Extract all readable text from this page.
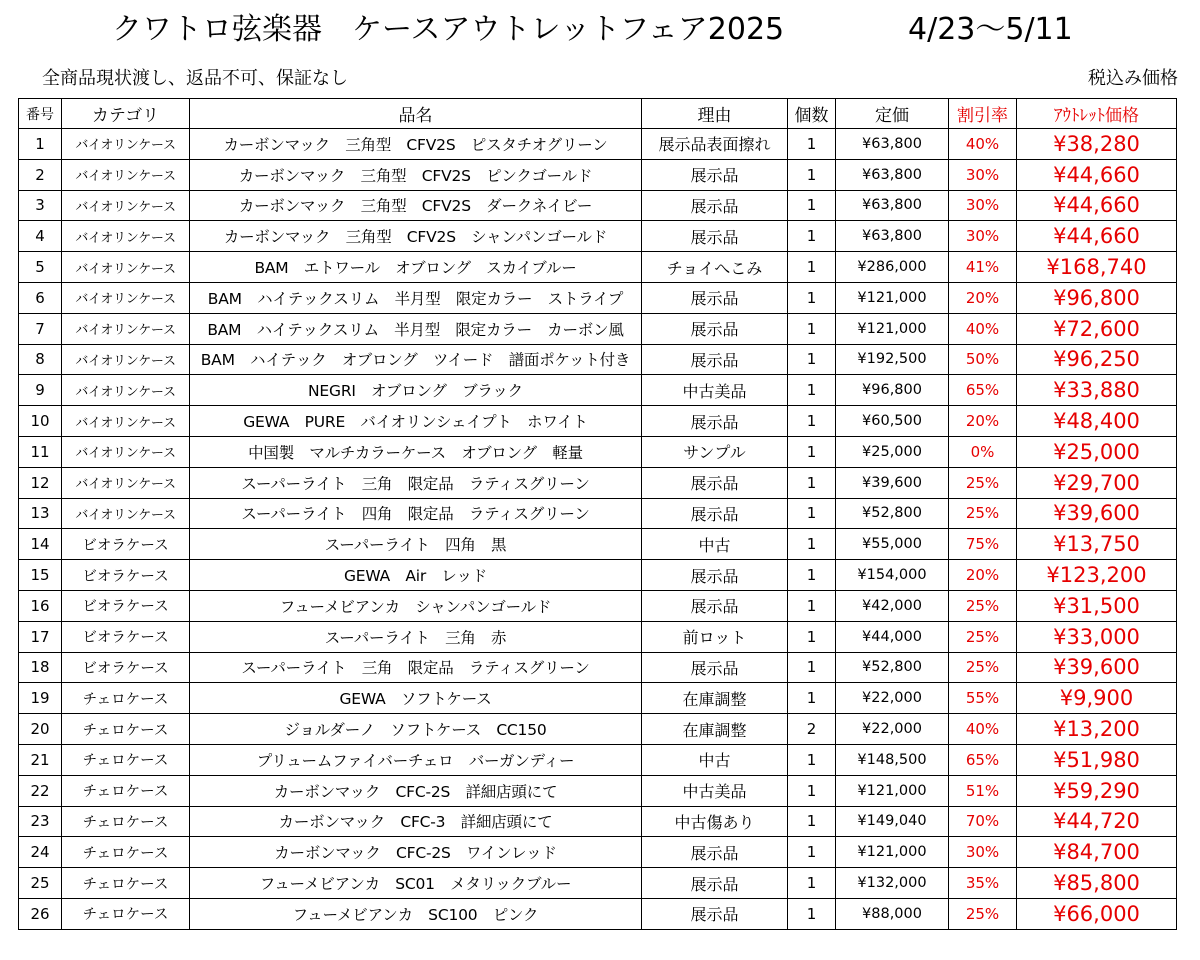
クワトロ弦楽器　ケースアウトレットフェア2025	4/23～5/11
全商品現状渡し、返品不可、保証なし	税込み価格
番号	カテゴリ	品名	理由	個数	定価	割引率	ｱｳﾄﾚｯﾄ価格
1	バイオリンケース	カーボンマック　三角型　CFV2S　ピスタチオグリーン	展示品表面擦れ	1	¥63,800	40%	¥38,280
2	バイオリンケース	カーボンマック　三角型　CFV2S　ピンクゴールド	展示品	1	¥63,800	30%	¥44,660
3	バイオリンケース	カーボンマック　三角型　CFV2S　ダークネイビー	展示品	1	¥63,800	30%	¥44,660
4	バイオリンケース	カーボンマック　三角型　CFV2S　シャンパンゴールド	展示品	1	¥63,800	30%	¥44,660
5	バイオリンケース	BAM　エトワール　オブロング　スカイブルー	チョイへこみ	1	¥286,000	41%	¥168,740
6	バイオリンケース	BAM　ハイテックスリム　半月型　限定カラー　ストライプ	展示品	1	¥121,000	20%	¥96,800
7	バイオリンケース	BAM　ハイテックスリム　半月型　限定カラー　カーボン風	展示品	1	¥121,000	40%	¥72,600
8	バイオリンケース	BAM　ハイテック　オブロング　ツイード　譜面ポケット付き	展示品	1	¥192,500	50%	¥96,250
9	バイオリンケース	NEGRI　オブロング　ブラック	中古美品	1	¥96,800	65%	¥33,880
10	バイオリンケース	GEWA　PURE　バイオリンシェイプト　ホワイト	展示品	1	¥60,500	20%	¥48,400
11	バイオリンケース	中国製　マルチカラーケース　オブロング　軽量	サンプル	1	¥25,000	0%	¥25,000
12	バイオリンケース	スーパーライト　三角　限定品　ラティスグリーン	展示品	1	¥39,600	25%	¥29,700
13	バイオリンケース	スーパーライト　四角　限定品　ラティスグリーン	展示品	1	¥52,800	25%	¥39,600
14	ビオラケース	スーパーライト　四角　黒	中古	1	¥55,000	75%	¥13,750
15	ビオラケース	GEWA　Air　レッド	展示品	1	¥154,000	20%	¥123,200
16	ビオラケース	フューメビアンカ　シャンパンゴールド	展示品	1	¥42,000	25%	¥31,500
17	ビオラケース	スーパーライト　三角　赤	前ロット	1	¥44,000	25%	¥33,000
18	ビオラケース	スーパーライト　三角　限定品　ラティスグリーン	展示品	1	¥52,800	25%	¥39,600
19	チェロケース	GEWA　ソフトケース	在庫調整	1	¥22,000	55%	¥9,900
20	チェロケース	ジョルダーノ　ソフトケース　CC150	在庫調整	2	¥22,000	40%	¥13,200
21	チェロケース	プリュームファイバーチェロ　バーガンディー	中古	1	¥148,500	65%	¥51,980
22	チェロケース	カーボンマック　CFC-2S　詳細店頭にて	中古美品	1	¥121,000	51%	¥59,290
23	チェロケース	カーボンマック　CFC-3　詳細店頭にて	中古傷あり	1	¥149,040	70%	¥44,720
24	チェロケース	カーボンマック　CFC-2S　ワインレッド	展示品	1	¥121,000	30%	¥84,700
25	チェロケース	フューメビアンカ　SC01　メタリックブルー	展示品	1	¥132,000	35%	¥85,800
26	チェロケース	フューメビアンカ　SC100　ピンク	展示品	1	¥88,000	25%	¥66,000
